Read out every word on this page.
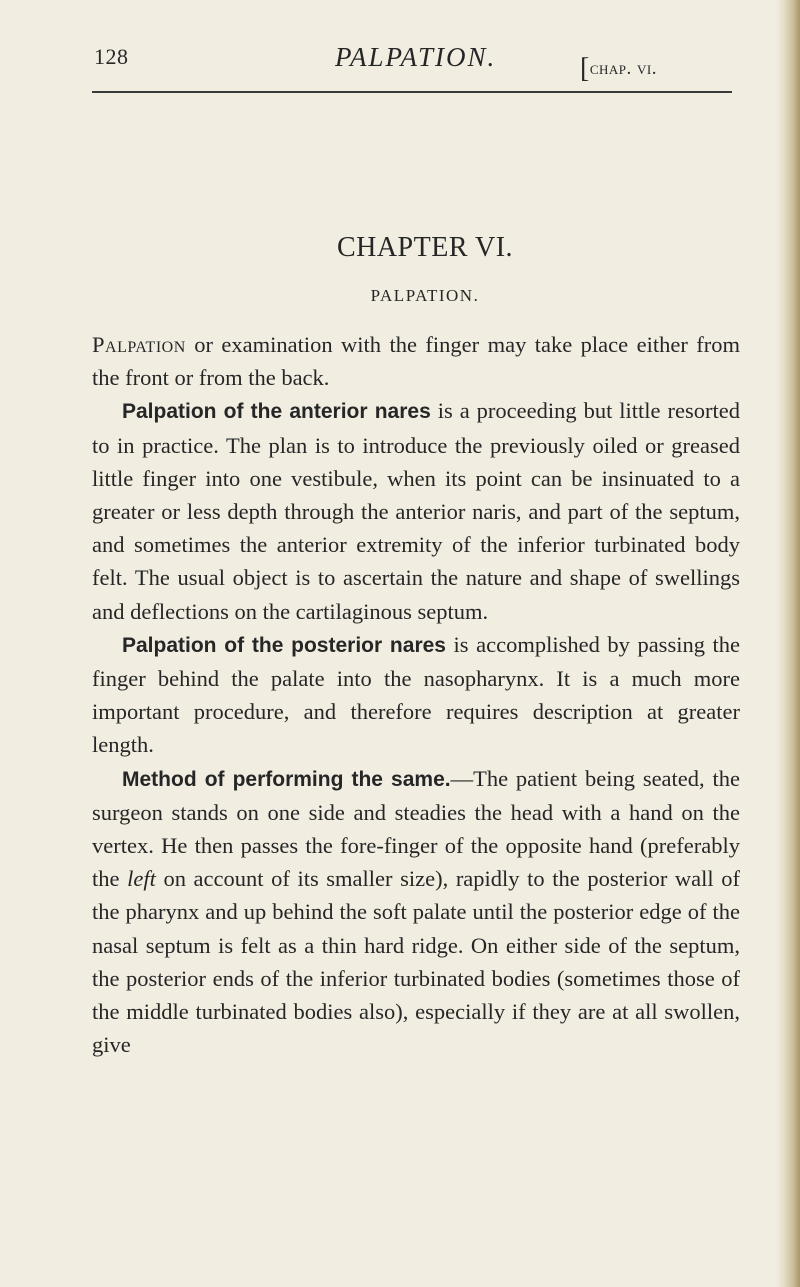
128	PALPATION.	[chap. vi.
CHAPTER VI.
PALPATION.

Palpation or examination with the finger may take place either from the front or from the back.

Palpation of the anterior nares is a proceeding but little resorted to in practice. The plan is to introduce the previously oiled or greased little finger into one vestibule, when its point can be insinuated to a greater or less depth through the anterior naris, and part of the septum, and sometimes the anterior extremity of the inferior turbinated body felt. The usual object is to ascertain the nature and shape of swellings and deflections on the cartilaginous septum.

Palpation of the posterior nares is accomplished by passing the finger behind the palate into the nasopharynx. It is a much more important procedure, and therefore requires description at greater length.

Method of performing the same.—The patient being seated, the surgeon stands on one side and steadies the head with a hand on the vertex. He then passes the fore-finger of the opposite hand (preferably the left on account of its smaller size), rapidly to the posterior wall of the pharynx and up behind the soft palate until the posterior edge of the nasal septum is felt as a thin hard ridge. On either side of the septum, the posterior ends of the inferior turbinated bodies (sometimes those of the middle turbinated bodies also), especially if they are at all swollen, give
